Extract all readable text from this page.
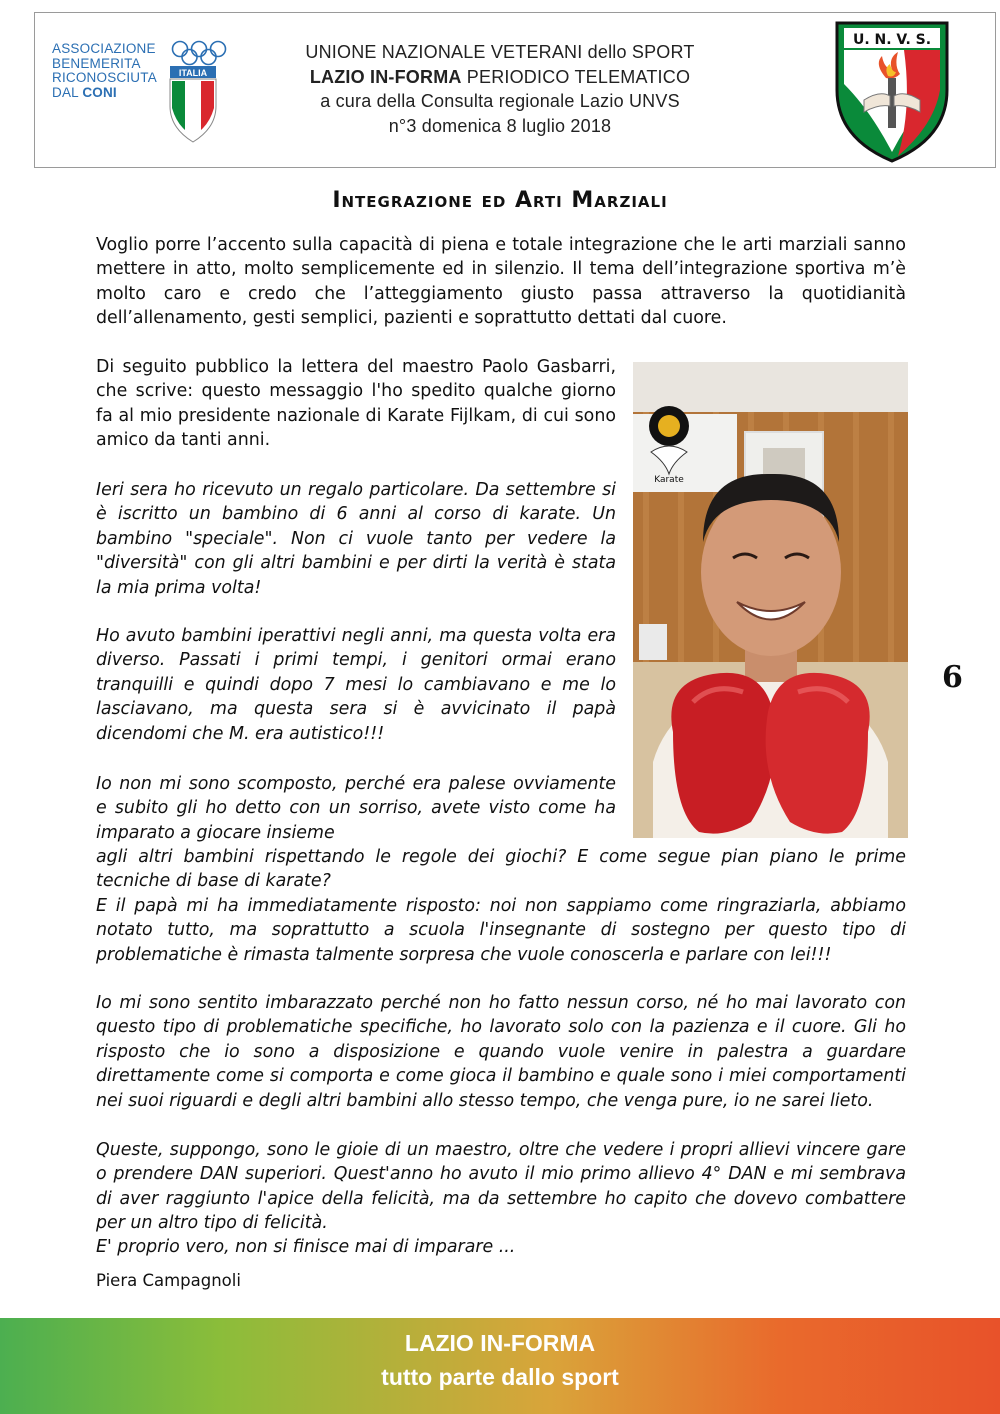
ASSOCIAZIONE
BENEMERITA
RICONOSCIUTA
DAL CONI
ITALIA
UNIONE NAZIONALE VETERANI dello SPORT
LAZIO IN-FORMA PERIODICO TELEMATICO
a cura della Consulta regionale Lazio UNVS
n°3 domenica 8 luglio 2018
U. N. V. S.
Integrazione ed Arti Marziali
Voglio porre l’accento sulla capacità di piena e totale integrazione che le arti marziali sanno mettere in atto, molto semplicemente ed in silenzio. Il tema dell’integrazione sportiva m’è molto caro e credo che l’atteggiamento giusto passa attraverso la quotidianità dell’allenamento, gesti semplici, pazienti e soprattutto dettati dal cuore.
Di seguito pubblico la lettera del maestro Paolo Gasbarri, che scrive: questo messaggio l'ho spedito qualche giorno fa al mio presidente nazionale di Karate Fijlkam, di cui sono amico da tanti anni.
Ieri sera ho ricevuto un regalo particolare. Da settembre si è iscritto un bambino di 6 anni al corso di karate. Un bambino "speciale". Non ci vuole tanto per vedere la "diversità" con gli altri bambini e per dirti la verità è stata la mia prima volta!
Ho avuto bambini iperattivi negli anni, ma questa volta era diverso. Passati i primi tempi, i genitori ormai erano tranquilli e quindi dopo 7 mesi lo cambiavano e me lo lasciavano, ma questa sera si è avvicinato il papà dicendomi che M. era autistico!!!
Io non mi sono scomposto, perché era palese ovviamente e subito gli ho detto con un sorriso, avete visto come ha imparato a giocare insieme
agli altri bambini rispettando le regole dei giochi? E come segue pian piano le prime tecniche di base di karate?
E il papà mi ha immediatamente risposto: noi non sappiamo come ringraziarla, abbiamo notato tutto, ma soprattutto a scuola l'insegnante di sostegno per questo tipo di problematiche è rimasta talmente sorpresa che vuole conoscerla e parlare con lei!!!
Io mi sono sentito imbarazzato perché non ho fatto nessun corso, né ho mai lavorato con questo tipo di problematiche specifiche, ho lavorato solo con la pazienza e il cuore. Gli ho risposto che io sono a disposizione e quando vuole venire in palestra a guardare direttamente come si comporta e come gioca il bambino e quale sono i miei comportamenti nei suoi riguardi e degli altri bambini allo stesso tempo, che venga pure, io ne sarei lieto.
Queste, suppongo, sono le gioie di un maestro, oltre che vedere i propri allievi vincere gare o prendere DAN superiori. Quest'anno ho avuto il mio primo allievo 4° DAN e mi sembrava di aver raggiunto l'apice della felicità, ma da settembre ho capito che dovevo combattere per un altro tipo di felicità.
E' proprio vero, non si finisce mai di imparare ...
Piera Campagnoli
Karate
6
LAZIO IN-FORMA
tutto parte dallo sport
